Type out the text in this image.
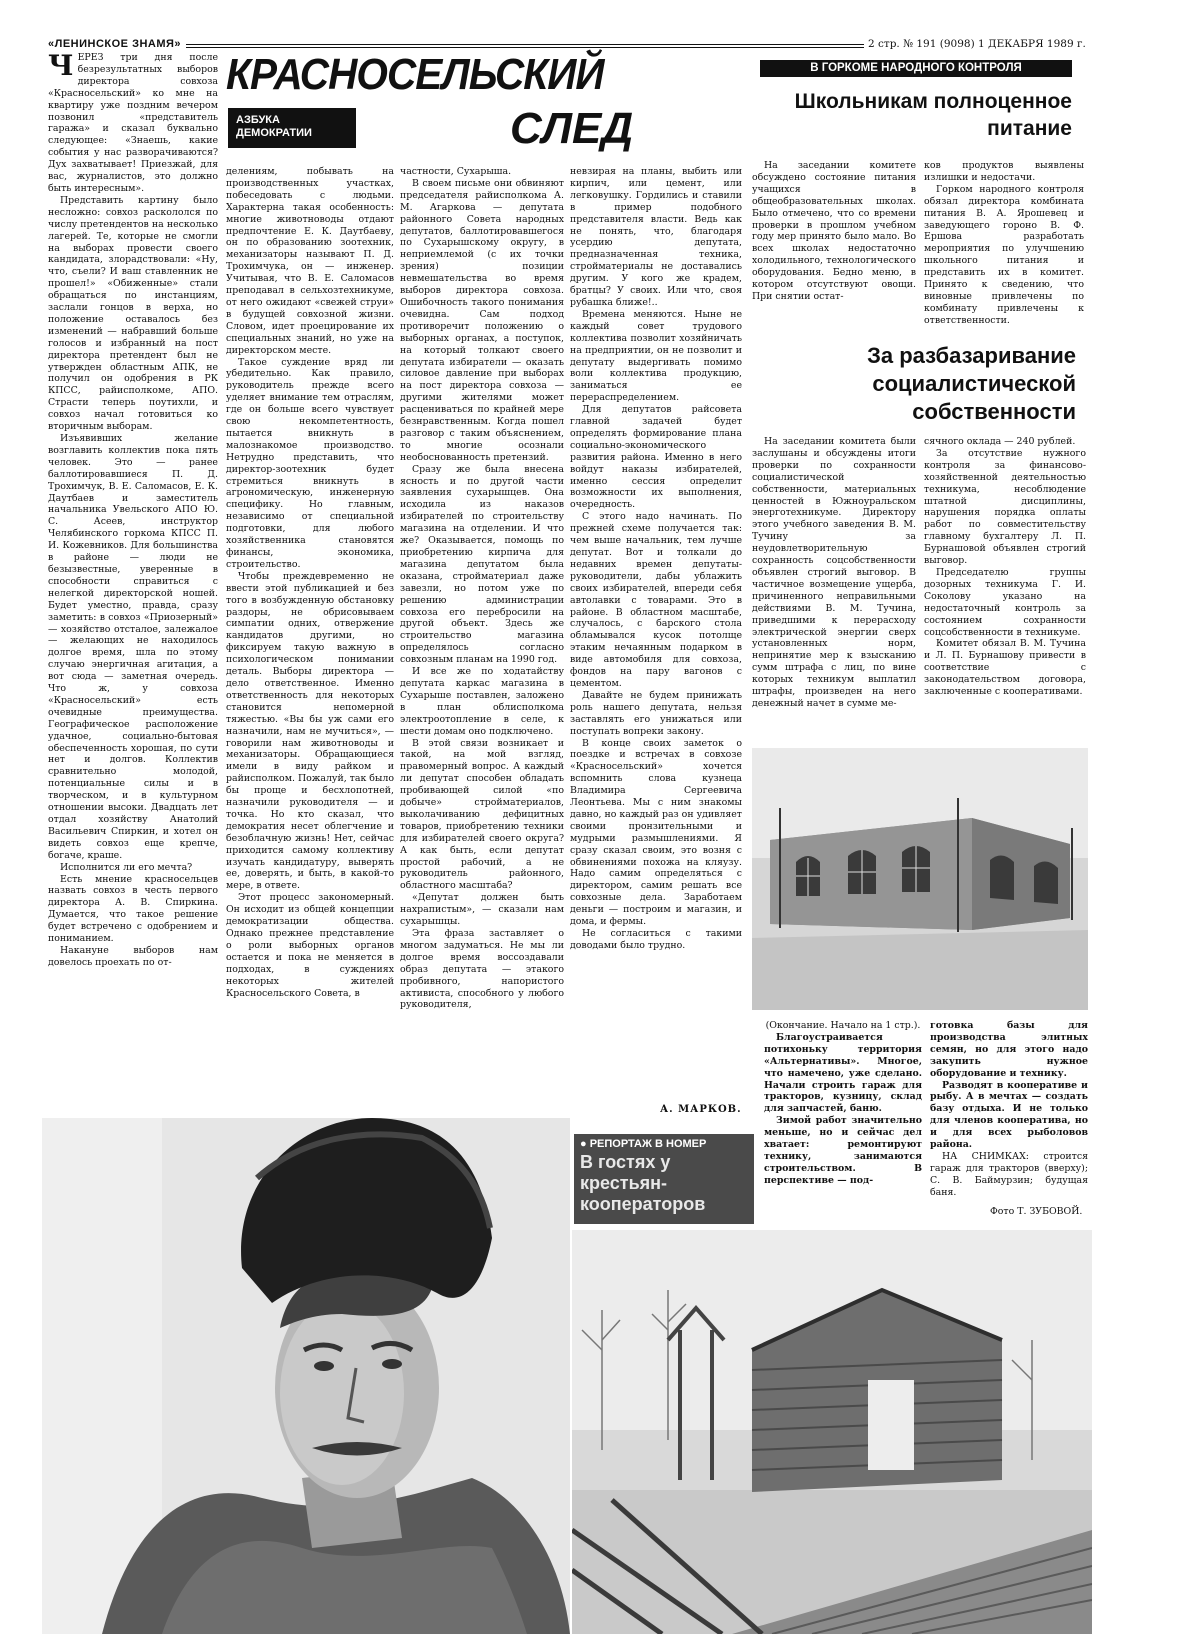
«ЛЕНИНСКОЕ ЗНАМЯ»	2 стр. № 191 (9098) 1 ДЕКАБРЯ 1989 г.
КРАСНОСЕЛЬСКИЙ
СЛЕД
АЗБУКА ДЕМОКРАТИИ
Ч ЕРЕЗ три дня после безрезультатных выборов директора совхоза «Красносельский» ко мне на квартиру уже поздним вечером позвонил «представитель гаража» и сказал буквально следующее: «Знаешь, какие события у нас разворачиваются? Дух захватывает! Приезжай, для вас, журналистов, это должно быть интересным».

Представить картину было несложно: совхоз раскололся по числу претендентов на несколько лагерей. Те, которые не смогли на выборах провести своего кандидата, злорадствовали: «Ну, что, съели? И ваш ставленник не прошел!» «Обиженные» стали обращаться по инстанциям, заслали гонцов в верха, но положение оставалось без изменений — набравший больше голосов и избранный на пост директора претендент был не утвержден областным АПК, не получил он одобрения в РК КПСС, райисполкоме, АПО. Страсти теперь поутихли, и совхоз начал готовиться ко вторичным выборам.

Изъявивших желание возглавить коллектив пока пять человек. Это — ранее баллотировавшиеся П. Д. Трохимчук, В. Е. Саломасов, Е. К. Даутбаев и заместитель начальника Увельского АПО Ю. С. Асеев, инструктор Челябинского горкома КПСС П. И. Кожевников. Для большинства в районе — люди не безызвестные, уверенные в способности справиться с нелегкой директорской ношей. Будет уместно, правда, сразу заметить: в совхоз «Приозерный» — хозяйство отсталое, залежалое — желающих не находилось долгое время, шла по этому случаю энергичная агитация, а вот сюда — заметная очередь. Что ж, у совхоза «Красносельский» есть очевидные преимущества. Географическое расположение удачное, социально-бытовая обеспеченность хорошая, по сути нет и долгов. Коллектив сравнительно молодой, потенциальные силы и в творческом, и в культурном отношении высоки. Двадцать лет отдал хозяйству Анатолий Васильевич Спиркин, и хотел он видеть совхоз еще крепче, богаче, краше.

Исполнится ли его мечта?

Есть мнение красносельцев назвать совхоз в честь первого директора А. В. Спиркина. Думается, что такое решение будет встречено с одобрением и пониманием.

Накануне выборов нам довелось проехать по от-

делениям, побывать на производственных участках, побеседовать с людьми. Характерна такая особенность: многие животноводы отдают предпочтение Е. К. Даутбаеву, он по образованию зоотехник, механизаторы называют П. Д. Трохимчука, он — инженер. Учитывая, что В. Е. Саломасов преподавал в сельхозтехникуме, от него ожидают «свежей струи» в будущей совхозной жизни. Словом, идет проецирование их специальных знаний, но уже на директорском месте.

Такое суждение вряд ли убедительно. Как правило, руководитель прежде всего уделяет внимание тем отраслям, где он больше всего чувствует свою некомпетентность, пытается вникнуть в малознакомое производство. Нетрудно представить, что директор-зоотехник будет стремиться вникнуть в агрономическую, инженерную специфику. Но главным, независимо от специальной подготовки, для любого хозяйственника становятся финансы, экономика, строительство.

Чтобы преждевременно не ввести этой публикацией и без того в возбужденную обстановку раздоры, не обрисовываем симпатии одних, отвержение кандидатов другими, но фиксируем такую важную в психологическом понимании деталь. Выборы директора — дело ответственное. Именно ответственность для некоторых становится непомерной тяжестью. «Вы бы уж сами его назначили, нам не мучиться», — говорили нам животноводы и механизаторы. Обращающиеся имели в виду райком и райисполком. Пожалуй, так было бы проще и бесхлопотней, назначили руководителя — и точка. Но кто сказал, что демократия несет облегчение и безоблачную жизнь! Нет, сейчас приходится самому коллективу изучать кандидатуру, выверять ее, доверять, и быть, в какой-то мере, в ответе.

Этот процесс закономерный. Он исходит из общей концепции демократизации общества. Однако прежнее представление о роли выборных органов остается и пока не меняется в подходах, в суждениях некоторых жителей Красносельского Совета, в

частности, Сухарыша.

В своем письме они обвиняют председателя райисполкома А. М. Агаркова — депутата районного Совета народных депутатов, баллотировавшегося по Сухарышскому округу, в неприемлемой (с их точки зрения) позиции невмешательства во время выборов директора совхоза. Ошибочность такого понимания очевидна. Сам подход противоречит положению о выборных органах, а поступок, на который толкают своего депутата избиратели — оказать силовое давление при выборах на пост директора совхоза — другими жителями может расцениваться по крайней мере безнравственным. Когда пошел разговор с таким объяснением, то многие осознали необоснованность претензий.

Сразу же была внесена ясность и по другой части заявления сухарышцев. Она исходила из наказов избирателей по строительству магазина на отделении. И что же? Оказывается, помощь по приобретению кирпича для магазина депутатом была оказана, стройматериал даже завезли, но потом уже по решению администрации совхоза его перебросили на другой объект. Здесь же строительство магазина определялось согласно совхозным планам на 1990 год.

И все же по ходатайству депутата каркас магазина в Сухарыше поставлен, заложено в план облисполкома электроотопление в селе, к шести домам оно подключено.

В этой связи возникает и такой, на мой взгляд, правомерный вопрос. А каждый ли депутат способен обладать пробивающей силой «по добыче» стройматериалов, выколачиванию дефицитных товаров, приобретению техники для избирателей своего округа? А как быть, если депутат простой рабочий, а не руководитель районного, областного масштаба?

«Депутат должен быть нахрапистым», — сказали нам сухарышцы.

Эта фраза заставляет о многом задуматься. Не мы ли долгое время воссоздавали образ депутата — этакого пробивного, напористого активиста, способного у любого руководителя,

невзирая на планы, выбить или кирпич, или цемент, или легковушку. Гордились и ставили в пример подобного представителя власти. Ведь как не понять, что, благодаря усердию депутата, предназначенная техника, стройматериалы не доставались другим. У кого же крадем, братцы? У своих. Или что, своя рубашка ближе!..

Времена меняются. Ныне не каждый совет трудового коллектива позволит хозяйничать на предприятии, он не позволит и депутату выдергивать помимо воли коллектива продукцию, заниматься ее перераспределением.

Для депутатов райсовета главной задачей будет определять формирование плана социально-экономического развития района. Именно в него войдут наказы избирателей, именно сессия определит возможности их выполнения, очередность.

С этого надо начинать. По прежней схеме получается так: чем выше начальник, тем лучше депутат. Вот и толкали до недавних времен депутаты-руководители, дабы ублажить своих избирателей, впереди себя автолавки с товарами. Это в районе. В областном масштабе, случалось, с барского стола обламывался кусок потолще этаким нечаянным подарком в виде автомобиля для совхоза, фондов на пару вагонов с цементом.

Давайте не будем принижать роль нашего депутата, нельзя заставлять его унижаться или поступать вопреки закону.

В конце своих заметок о поездке и встречах в совхозе «Красносельский» хочется вспомнить слова кузнеца Владимира Сергеевича Леонтьева. Мы с ним знакомы давно, но каждый раз он удивляет своими пронзительными и мудрыми размышлениями. Я сразу сказал своим, это возня с обвинениями похожа на кляузу. Надо самим определяться с директором, самим решать все совхозные дела. Заработаем деньги — построим и магазин, и дома, и фермы.

Не согласиться с такими доводами было трудно.

А. МАРКОВ.
В ГОРКОМЕ НАРОДНОГО КОНТРОЛЯ
Школьникам полноценное питание

На заседании комитете обсуждено состояние питания учащихся в общеобразовательных школах. Было отмечено, что со времени проверки в прошлом учебном году мер принято было мало. Во всех школах недостаточно холодильного, технологического оборудования. Бедно меню, в котором отсутствуют овощи. При снятии остат-

ков продуктов выявлены излишки и недостачи.

Горком народного контроля обязал директора комбината питания В. А. Ярошевец и заведующего гороно В. Ф. Ершова разработать мероприятия по улучшению школьного питания и представить их в комитет. Принято к сведению, что виновные привлечены по комбинату привлечены к ответственности.

За разбазаривание социалистической собственности

На заседании комитета были заслушаны и обсуждены итоги проверки по сохранности социалистической собственности, материальных ценностей в Южноуральском энерготехникуме. Директору этого учебного заведения В. М. Тучину за неудовлетворительную сохранность соцсобственности объявлен строгий выговор. В частичное возмещение ущерба, причиненного неправильными действиями В. М. Тучина, приведшими к перерасходу электрической энергии сверх установленных норм, непринятие мер к взысканию сумм штрафа с лиц, по вине которых техникум выплатил штрафы, произведен на него денежный начет в сумме ме-

сячного оклада — 240 рублей.

За отсутствие нужного контроля за финансово-хозяйственной деятельностью техникума, несоблюдение штатной дисциплины, нарушения порядка оплаты работ по совместительству главному бухгалтеру Л. П. Бурнашовой объявлен строгий выговор.

Председателю группы дозорных техникума Г. И. Соколову указано на недостаточный контроль за состоянием сохранности соцсобственности в техникуме.

Комитет обязал В. М. Тучина и Л. П. Бурнашову привести в соответствие с законодательством договора, заключенные с кооперативами.

● РЕПОРТАЖ В НОМЕР
В гостях у крестьян-кооператоров

(Окончание. Начало на 1 стр.).

Благоустраивается потихоньку территория «Альтернативы». Многое, что намечено, уже сделано. Начали строить гараж для тракторов, кузницу, склад для запчастей, баню.

Зимой работ значительно меньше, но и сейчас дел хватает: ремонтируют технику, занимаются строительством. В перспективе — под-

готовка базы для производства элитных семян, но для этого надо закупить нужное оборудование и технику.

Разводят в кооперативе и рыбу. А в мечтах — создать базу отдыха. И не только для членов кооператива, но и для всех рыболовов района.

НА СНИМКАХ: строится гараж для тракторов (вверху); С. В. Баймурзин; будущая баня.

Фото Т. ЗУБОВОЙ.
